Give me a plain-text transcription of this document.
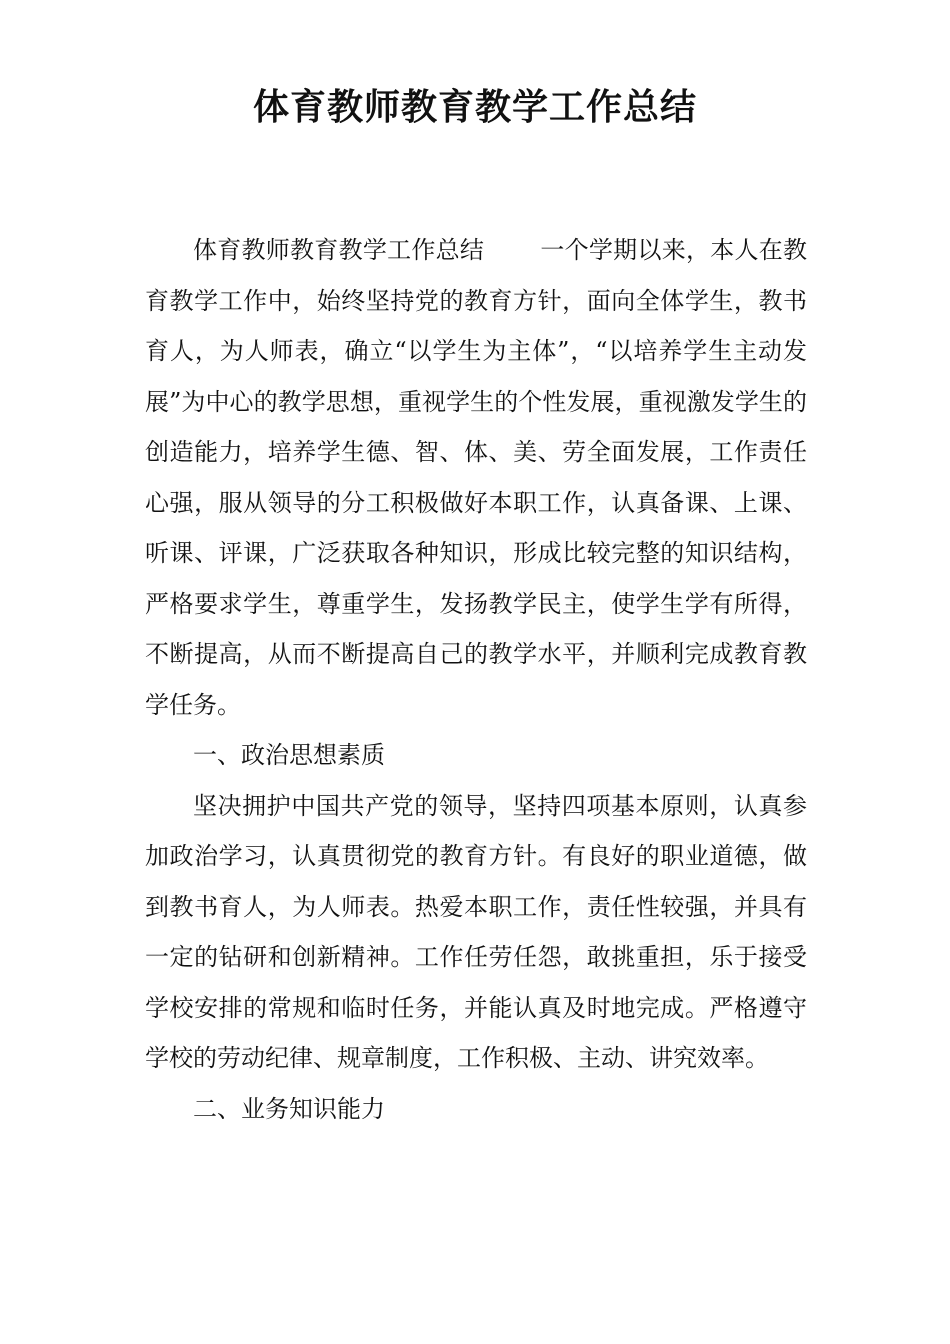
体育教师教育教学工作总结

体育教师教育教学工作总结 一个学期以来，本人在教育教学工作中，始终坚持党的教育方针，面向全体学生，教书育人，为人师表，确立“以学生为主体”，“以培养学生主动发展”为中心的教学思想，重视学生的个性发展，重视激发学生的创造能力，培养学生德、智、体、美、劳全面发展，工作责任心强，服从领导的分工积极做好本职工作，认真备课、上课、听课、评课，广泛获取各种知识，形成比较完整的知识结构，严格要求学生，尊重学生，发扬教学民主，使学生学有所得，不断提高，从而不断提高自己的教学水平，并顺利完成教育教学任务。

一、政治思想素质

坚决拥护中国共产党的领导，坚持四项基本原则，认真参加政治学习，认真贯彻党的教育方针。有良好的职业道德，做到教书育人，为人师表。热爱本职工作，责任性较强，并具有一定的钻研和创新精神。工作任劳任怨，敢挑重担，乐于接受学校安排的常规和临时任务，并能认真及时地完成。严格遵守学校的劳动纪律、规章制度，工作积极、主动、讲究效率。

二、业务知识能力
